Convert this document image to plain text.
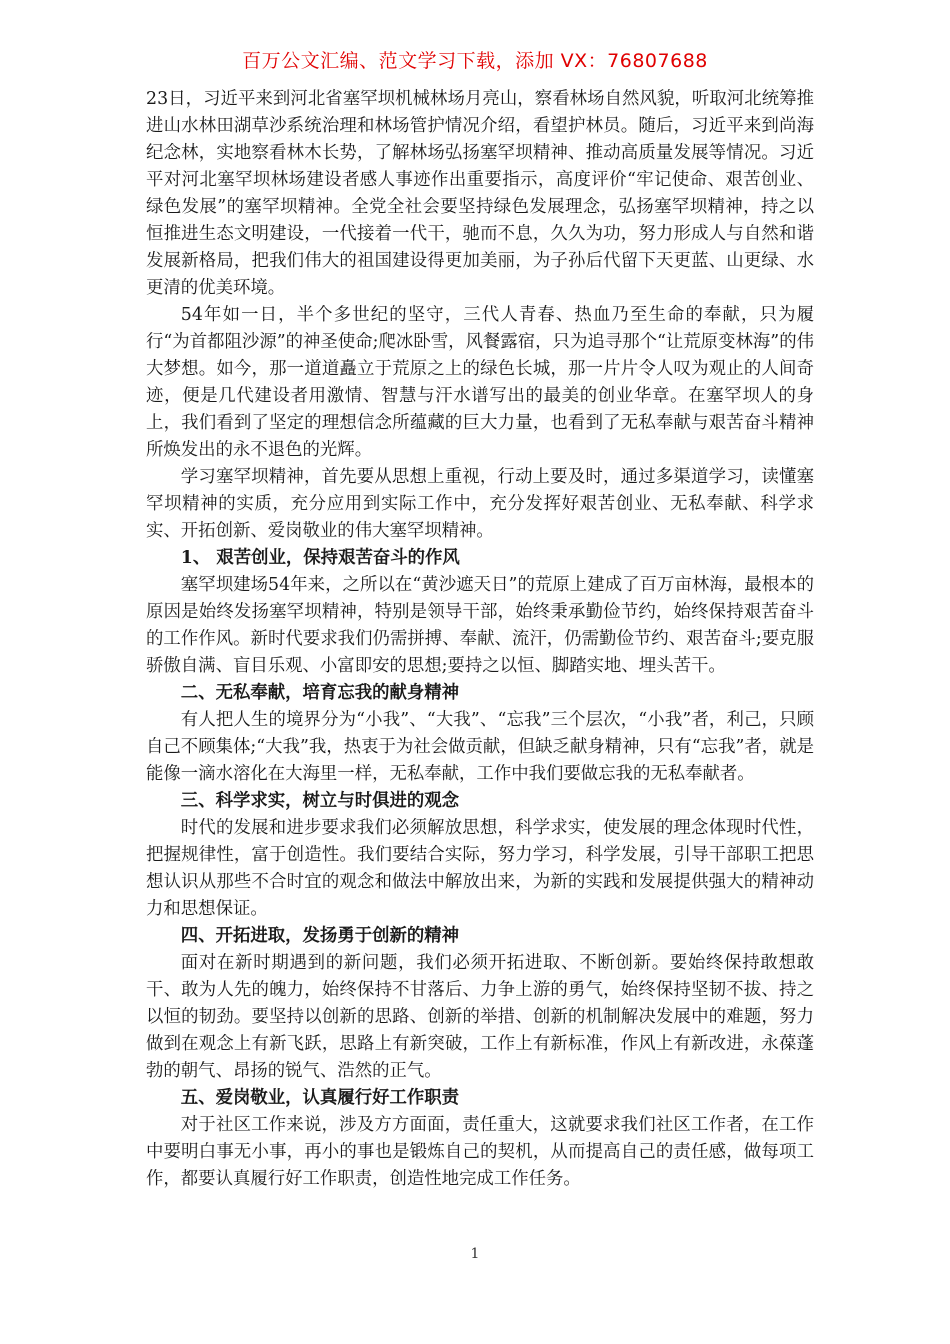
百万公文汇编、范文学习下载，添加 VX：76807688

23日，习近平来到河北省塞罕坝机械林场月亮山，察看林场自然风貌，听取河北统筹推进山水林田湖草沙系统治理和林场管护情况介绍，看望护林员。随后，习近平来到尚海纪念林，实地察看林木长势，了解林场弘扬塞罕坝精神、推动高质量发展等情况。习近平对河北塞罕坝林场建设者感人事迹作出重要指示，高度评价“牢记使命、艰苦创业、绿色发展”的塞罕坝精神。全党全社会要坚持绿色发展理念，弘扬塞罕坝精神，持之以恒推进生态文明建设，一代接着一代干，驰而不息，久久为功，努力形成人与自然和谐发展新格局，把我们伟大的祖国建设得更加美丽，为子孙后代留下天更蓝、山更绿、水更清的优美环境。

54年如一日，半个多世纪的坚守，三代人青春、热血乃至生命的奉献，只为履行“为首都阻沙源”的神圣使命;爬冰卧雪，风餐露宿，只为追寻那个“让荒原变林海”的伟大梦想。如今，那一道道矗立于荒原之上的绿色长城，那一片片令人叹为观止的人间奇迹，便是几代建设者用激情、智慧与汗水谱写出的最美的创业华章。在塞罕坝人的身上，我们看到了坚定的理想信念所蕴藏的巨大力量，也看到了无私奉献与艰苦奋斗精神所焕发出的永不退色的光辉。

学习塞罕坝精神，首先要从思想上重视，行动上要及时，通过多渠道学习，读懂塞罕坝精神的实质，充分应用到实际工作中，充分发挥好艰苦创业、无私奉献、科学求实、开拓创新、爱岗敬业的伟大塞罕坝精神。

1、 艰苦创业，保持艰苦奋斗的作风

塞罕坝建场54年来，之所以在“黄沙遮天日”的荒原上建成了百万亩林海，最根本的原因是始终发扬塞罕坝精神，特别是领导干部，始终秉承勤俭节约，始终保持艰苦奋斗的工作作风。新时代要求我们仍需拼搏、奉献、流汗，仍需勤俭节约、艰苦奋斗;要克服骄傲自满、盲目乐观、小富即安的思想;要持之以恒、脚踏实地、埋头苦干。

二、无私奉献，培育忘我的献身精神

有人把人生的境界分为“小我”、“大我”、“忘我”三个层次，“小我”者，利己，只顾自己不顾集体;“大我”我，热衷于为社会做贡献，但缺乏献身精神，只有“忘我”者，就是能像一滴水溶化在大海里一样，无私奉献，工作中我们要做忘我的无私奉献者。

三、科学求实，树立与时俱进的观念

时代的发展和进步要求我们必须解放思想，科学求实，使发展的理念体现时代性，把握规律性，富于创造性。我们要结合实际，努力学习，科学发展，引导干部职工把思想认识从那些不合时宜的观念和做法中解放出来，为新的实践和发展提供强大的精神动力和思想保证。

四、开拓进取，发扬勇于创新的精神

面对在新时期遇到的新问题，我们必须开拓进取、不断创新。要始终保持敢想敢干、敢为人先的魄力，始终保持不甘落后、力争上游的勇气，始终保持坚韧不拔、持之以恒的韧劲。要坚持以创新的思路、创新的举措、创新的机制解决发展中的难题，努力做到在观念上有新飞跃，思路上有新突破，工作上有新标准，作风上有新改进，永葆蓬勃的朝气、昂扬的锐气、浩然的正气。

五、爱岗敬业，认真履行好工作职责

对于社区工作来说，涉及方方面面，责任重大，这就要求我们社区工作者，在工作中要明白事无小事，再小的事也是锻炼自己的契机，从而提高自己的责任感，做每项工作，都要认真履行好工作职责，创造性地完成工作任务。

1
